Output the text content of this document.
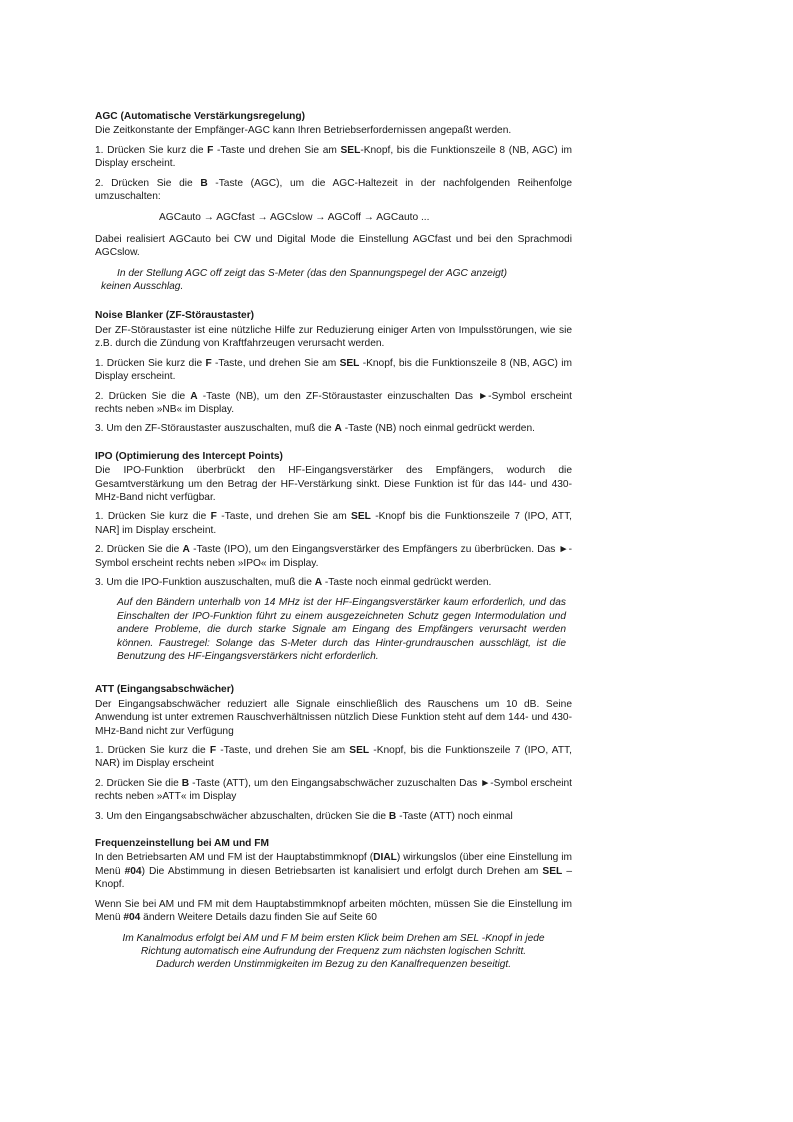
AGC (Automatische Verstärkungsregelung)

Die Zeitkonstante der Empfänger-AGC kann Ihren Betriebserfordernissen angepaßt werden.

1. Drücken Sie kurz die F -Taste und drehen Sie am SEL-Knopf, bis die Funktionszeile 8 (NB, AGC) im Display erscheint.

2. Drücken Sie die B -Taste (AGC), um die AGC-Haltezeit in der nachfolgenden Reihenfolge umzuschalten:

AGCauto → AGCfast → AGCslow → AGCoff → AGCauto ...

Dabei realisiert AGCauto bei CW und Digital Mode die Einstellung AGCfast und bei den Sprachmodi AGCslow.

In der Stellung AGC off zeigt das S-Meter (das den Spannungspegel der AGC anzeigt)
keinen Ausschlag.

Noise Blanker (ZF-Störaustaster)

Der ZF-Störaustaster ist eine nützliche Hilfe zur Reduzierung einiger Arten von Impulsstörungen, wie sie z.B. durch die Zündung von Kraftfahrzeugen verursacht werden.

1. Drücken Sie kurz die F -Taste, und drehen Sie am SEL -Knopf, bis die Funktionszeile 8 (NB, AGC) im Display erscheint.

2. Drücken Sie die A -Taste (NB), um den ZF-Störaustaster einzuschalten Das ►-Symbol erscheint rechts neben »NB« im Display.

3. Um den ZF-Störaustaster auszuschalten, muß die A -Taste (NB) noch einmal gedrückt werden.

IPO (Optimierung des Intercept Points)

Die IPO-Funktion überbrückt den HF-Eingangsverstärker des Empfängers, wodurch die Gesamtverstärkung um den Betrag der HF-Verstärkung sinkt. Diese Funktion ist für das I44- und 430-MHz-Band nicht verfügbar.

1. Drücken Sie kurz die F -Taste, und drehen Sie am SEL -Knopf bis die Funktionszeile 7 (IPO, ATT, NAR] im Display erscheint.

2. Drücken Sie die A -Taste (IPO), um den Eingangsverstärker des Empfängers zu überbrücken. Das ►-Symbol erscheint rechts neben »IPO« im Display.

3. Um die IPO-Funktion auszuschalten, muß die A -Taste noch einmal gedrückt werden.

Auf den Bändern unterhalb von 14 MHz ist der HF-Eingangsverstärker kaum erforderlich, und das Einschalten der IPO-Funktion führt zu einem ausgezeichneten Schutz gegen Intermodulation und andere Probleme, die durch starke Signale am Eingang des Empfängers verursacht werden können. Faustregel: Solange das S-Meter durch das Hinter-grundrauschen ausschlägt, ist die Benutzung des HF-Eingangsverstärkers nicht erforderlich.

ATT (Eingangsabschwächer)

Der Eingangsabschwächer reduziert alle Signale einschließlich des Rauschens um 10 dB. Seine Anwendung ist unter extremen Rauschverhältnissen nützlich Diese Funktion steht auf dem 144- und 430-MHz-Band nicht zur Verfügung

1. Drücken Sie kurz die F -Taste, und drehen Sie am SEL -Knopf, bis die Funktionszeile 7 (IPO, ATT, NAR) im Display erscheint

2. Drücken Sie die B -Taste (ATT), um den Eingangsabschwächer zuzuschalten Das ►-Symbol erscheint rechts neben »ATT« im Display

3. Um den Eingangsabschwächer abzuschalten, drücken Sie die B -Taste (ATT) noch einmal

Frequenzeinstellung bei AM und FM

In den Betriebsarten AM und FM ist der Hauptabstimmknopf (DIAL) wirkungslos (über eine Einstellung im Menü #04) Die Abstimmung in diesen Betriebsarten ist kanalisiert und erfolgt durch Drehen am SEL –Knopf.

Wenn Sie bei AM und FM mit dem Hauptabstimmknopf arbeiten möchten, müssen Sie die Einstellung im Menü #04 ändern Weitere Details dazu finden Sie auf Seite 60

Im Kanalmodus erfolgt bei AM und F M beim ersten Klick beim Drehen am SEL -Knopf in jede Richtung automatisch eine Aufrundung der Frequenz zum nächsten logischen Schritt. Dadurch werden Unstimmigkeiten im Bezug zu den Kanalfrequenzen beseitigt.
